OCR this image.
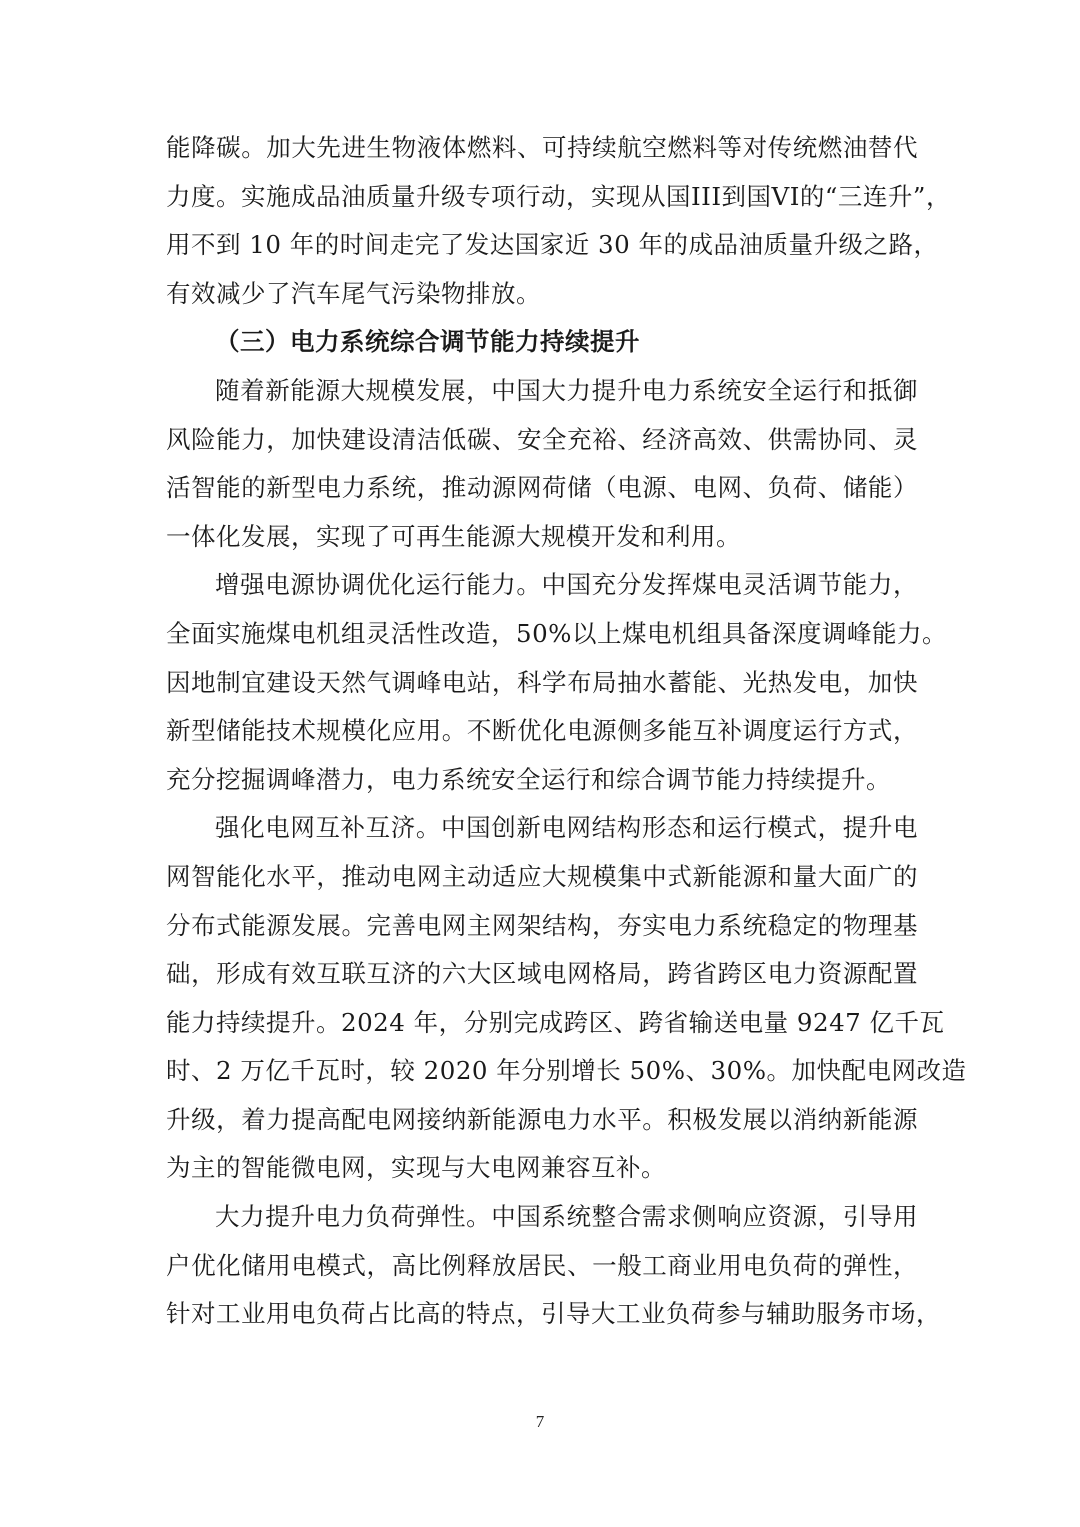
能降碳。加大先进生物液体燃料、可持续航空燃料等对传统燃油替代
力度。实施成品油质量升级专项行动，实现从国III到国VI的“三连升”，
用不到 10 年的时间走完了发达国家近 30 年的成品油质量升级之路，
有效减少了汽车尾气污染物排放。
（三）电力系统综合调节能力持续提升
随着新能源大规模发展，中国大力提升电力系统安全运行和抵御
风险能力，加快建设清洁低碳、安全充裕、经济高效、供需协同、灵
活智能的新型电力系统，推动源网荷储（电源、电网、负荷、储能）
一体化发展，实现了可再生能源大规模开发和利用。
增强电源协调优化运行能力。中国充分发挥煤电灵活调节能力，
全面实施煤电机组灵活性改造，50%以上煤电机组具备深度调峰能力。
因地制宜建设天然气调峰电站，科学布局抽水蓄能、光热发电，加快
新型储能技术规模化应用。不断优化电源侧多能互补调度运行方式，
充分挖掘调峰潜力，电力系统安全运行和综合调节能力持续提升。
强化电网互补互济。中国创新电网结构形态和运行模式，提升电
网智能化水平，推动电网主动适应大规模集中式新能源和量大面广的
分布式能源发展。完善电网主网架结构，夯实电力系统稳定的物理基
础，形成有效互联互济的六大区域电网格局，跨省跨区电力资源配置
能力持续提升。2024 年，分别完成跨区、跨省输送电量 9247 亿千瓦
时、2 万亿千瓦时，较 2020 年分别增长 50%、30%。加快配电网改造
升级，着力提高配电网接纳新能源电力水平。积极发展以消纳新能源
为主的智能微电网，实现与大电网兼容互补。
大力提升电力负荷弹性。中国系统整合需求侧响应资源，引导用
户优化储用电模式，高比例释放居民、一般工商业用电负荷的弹性，
针对工业用电负荷占比高的特点，引导大工业负荷参与辅助服务市场，
7
